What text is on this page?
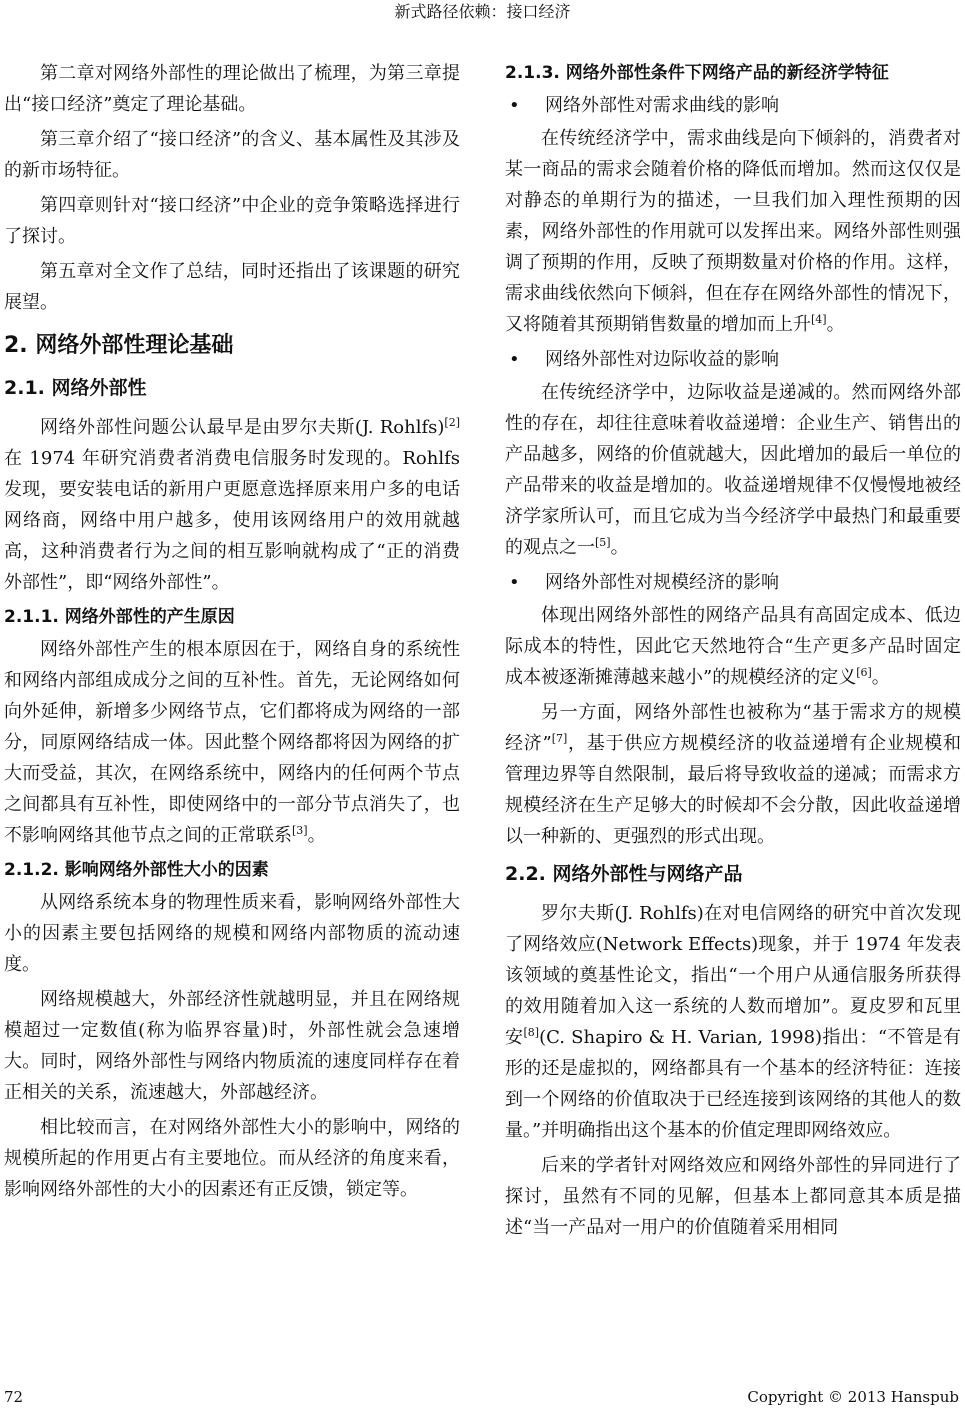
新式路径依赖：接口经济

第二章对网络外部性的理论做出了梳理，为第三章提出“接口经济”奠定了理论基础。

第三章介绍了“接口经济”的含义、基本属性及其涉及的新市场特征。

第四章则针对“接口经济”中企业的竞争策略选择进行了探讨。

第五章对全文作了总结，同时还指出了该课题的研究展望。

2. 网络外部性理论基础
2.1. 网络外部性

网络外部性问题公认最早是由罗尔夫斯(J. Rohlfs)[2]在 1974 年研究消费者消费电信服务时发现的。Rohlfs 发现，要安装电话的新用户更愿意选择原来用户多的电话网络商，网络中用户越多，使用该网络用户的效用就越高，这种消费者行为之间的相互影响就构成了“正的消费外部性”，即“网络外部性”。

2.1.1. 网络外部性的产生原因

网络外部性产生的根本原因在于，网络自身的系统性和网络内部组成成分之间的互补性。首先，无论网络如何向外延伸，新增多少网络节点，它们都将成为网络的一部分，同原网络结成一体。因此整个网络都将因为网络的扩大而受益，其次，在网络系统中，网络内的任何两个节点之间都具有互补性，即使网络中的一部分节点消失了，也不影响网络其他节点之间的正常联系[3]。

2.1.2. 影响网络外部性大小的因素

从网络系统本身的物理性质来看，影响网络外部性大小的因素主要包括网络的规模和网络内部物质的流动速度。

网络规模越大，外部经济性就越明显，并且在网络规模超过一定数值(称为临界容量)时，外部性就会急速增大。同时，网络外部性与网络内物质流的速度同样存在着正相关的关系，流速越大，外部越经济。

相比较而言，在对网络外部性大小的影响中，网络的规模所起的作用更占有主要地位。而从经济的角度来看，影响网络外部性的大小的因素还有正反馈，锁定等。

2.1.3. 网络外部性条件下网络产品的新经济学特征
• 网络外部性对需求曲线的影响

在传统经济学中，需求曲线是向下倾斜的，消费者对某一商品的需求会随着价格的降低而增加。然而这仅仅是对静态的单期行为的描述，一旦我们加入理性预期的因素，网络外部性的作用就可以发挥出来。网络外部性则强调了预期的作用，反映了预期数量对价格的作用。这样，需求曲线依然向下倾斜，但在存在网络外部性的情况下，又将随着其预期销售数量的增加而上升[4]。

• 网络外部性对边际收益的影响

在传统经济学中，边际收益是递减的。然而网络外部性的存在，却往往意味着收益递增：企业生产、销售出的产品越多，网络的价值就越大，因此增加的最后一单位的产品带来的收益是增加的。收益递增规律不仅慢慢地被经济学家所认可，而且它成为当今经济学中最热门和最重要的观点之一[5]。

• 网络外部性对规模经济的影响

体现出网络外部性的网络产品具有高固定成本、低边际成本的特性，因此它天然地符合“生产更多产品时固定成本被逐渐摊薄越来越小”的规模经济的定义[6]。

另一方面，网络外部性也被称为“基于需求方的规模经济”[7]，基于供应方规模经济的收益递增有企业规模和管理边界等自然限制，最后将导致收益的递减；而需求方规模经济在生产足够大的时候却不会分散，因此收益递增以一种新的、更强烈的形式出现。

2.2. 网络外部性与网络产品

罗尔夫斯(J. Rohlfs)在对电信网络的研究中首次发现了网络效应(Network Effects)现象，并于 1974 年发表该领域的奠基性论文，指出“一个用户从通信服务所获得的效用随着加入这一系统的人数而增加”。夏皮罗和瓦里安[8](C. Shapiro & H. Varian, 1998)指出：“不管是有形的还是虚拟的，网络都具有一个基本的经济特征：连接到一个网络的价值取决于已经连接到该网络的其他人的数量。”并明确指出这个基本的价值定理即网络效应。

后来的学者针对网络效应和网络外部性的异同进行了探讨，虽然有不同的见解，但基本上都同意其本质是描述“当一产品对一用户的价值随着采用相同

72	Copyright © 2013 Hanspub
